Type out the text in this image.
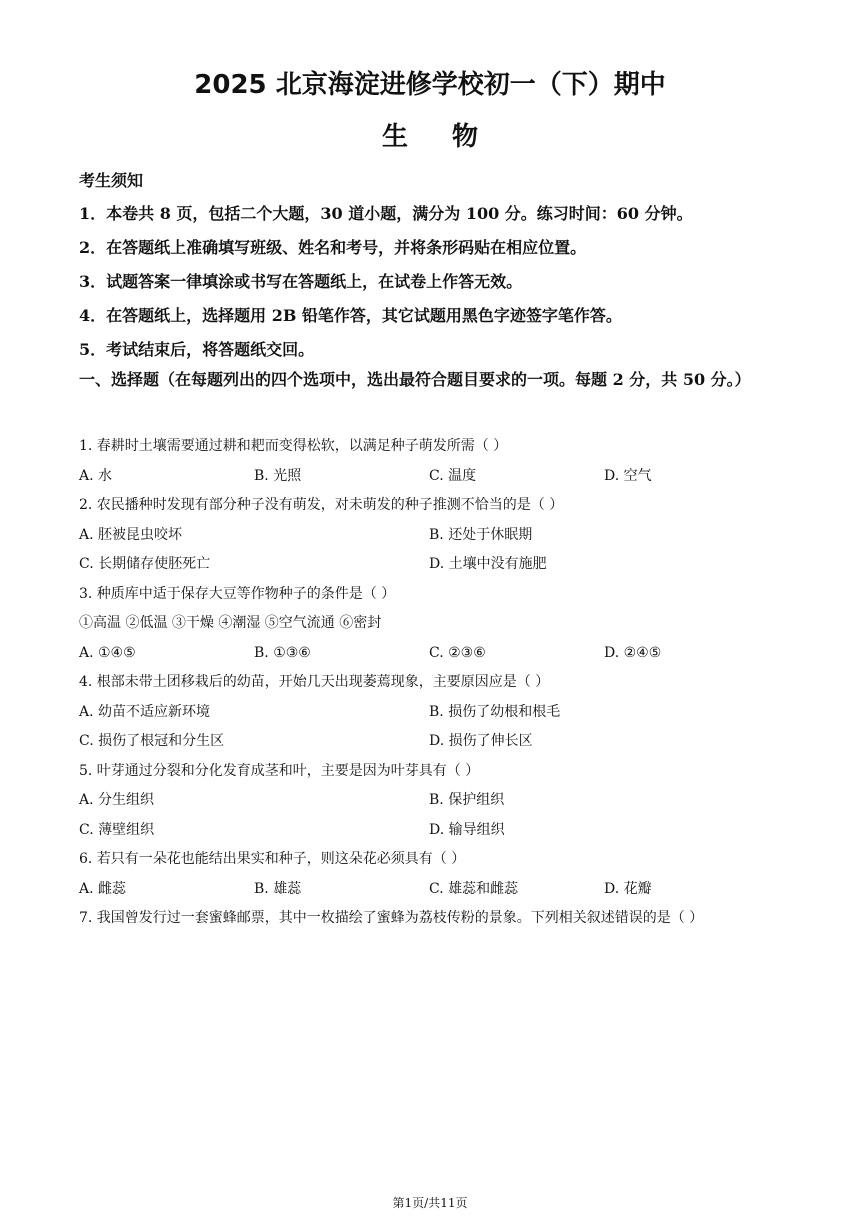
2025 北京海淀进修学校初一（下）期中
生物
考生须知
1．本卷共 8 页，包括二个大题，30 道小题，满分为 100 分。练习时间：60 分钟。
2．在答题纸上准确填写班级、姓名和考号，并将条形码贴在相应位置。
3．试题答案一律填涂或书写在答题纸上，在试卷上作答无效。
4．在答题纸上，选择题用 2B 铅笔作答，其它试题用黑色字迹签字笔作答。
5．考试结束后，将答题纸交回。
一、选择题（在每题列出的四个选项中，选出最符合题目要求的一项。每题 2 分，共 50 分。）
1. 春耕时土壤需要通过耕和耙而变得松软，以满足种子萌发所需（ ）
A. 水	B. 光照	C. 温度	D. 空气
2. 农民播种时发现有部分种子没有萌发，对未萌发的种子推测不恰当的是（ ）
A. 胚被昆虫咬坏	B. 还处于休眠期
C. 长期储存使胚死亡	D. 土壤中没有施肥
3. 种质库中适于保存大豆等作物种子的条件是（ ）
①高温 ②低温 ③干燥 ④潮湿 ⑤空气流通 ⑥密封
A. ①④⑤	B. ①③⑥	C. ②③⑥	D. ②④⑤
4. 根部未带土团移栽后的幼苗，开始几天出现萎蔫现象，主要原因应是（ ）
A. 幼苗不适应新环境	B. 损伤了幼根和根毛
C. 损伤了根冠和分生区	D. 损伤了伸长区
5. 叶芽通过分裂和分化发育成茎和叶，主要是因为叶芽具有（ ）
A. 分生组织	B. 保护组织
C. 薄壁组织	D. 输导组织
6. 若只有一朵花也能结出果实和种子，则这朵花必须具有（ ）
A. 雌蕊	B. 雄蕊	C. 雄蕊和雌蕊	D. 花瓣
7. 我国曾发行过一套蜜蜂邮票，其中一枚描绘了蜜蜂为荔枝传粉的景象。下列相关叙述错误的是（ ）
第1页/共11页
